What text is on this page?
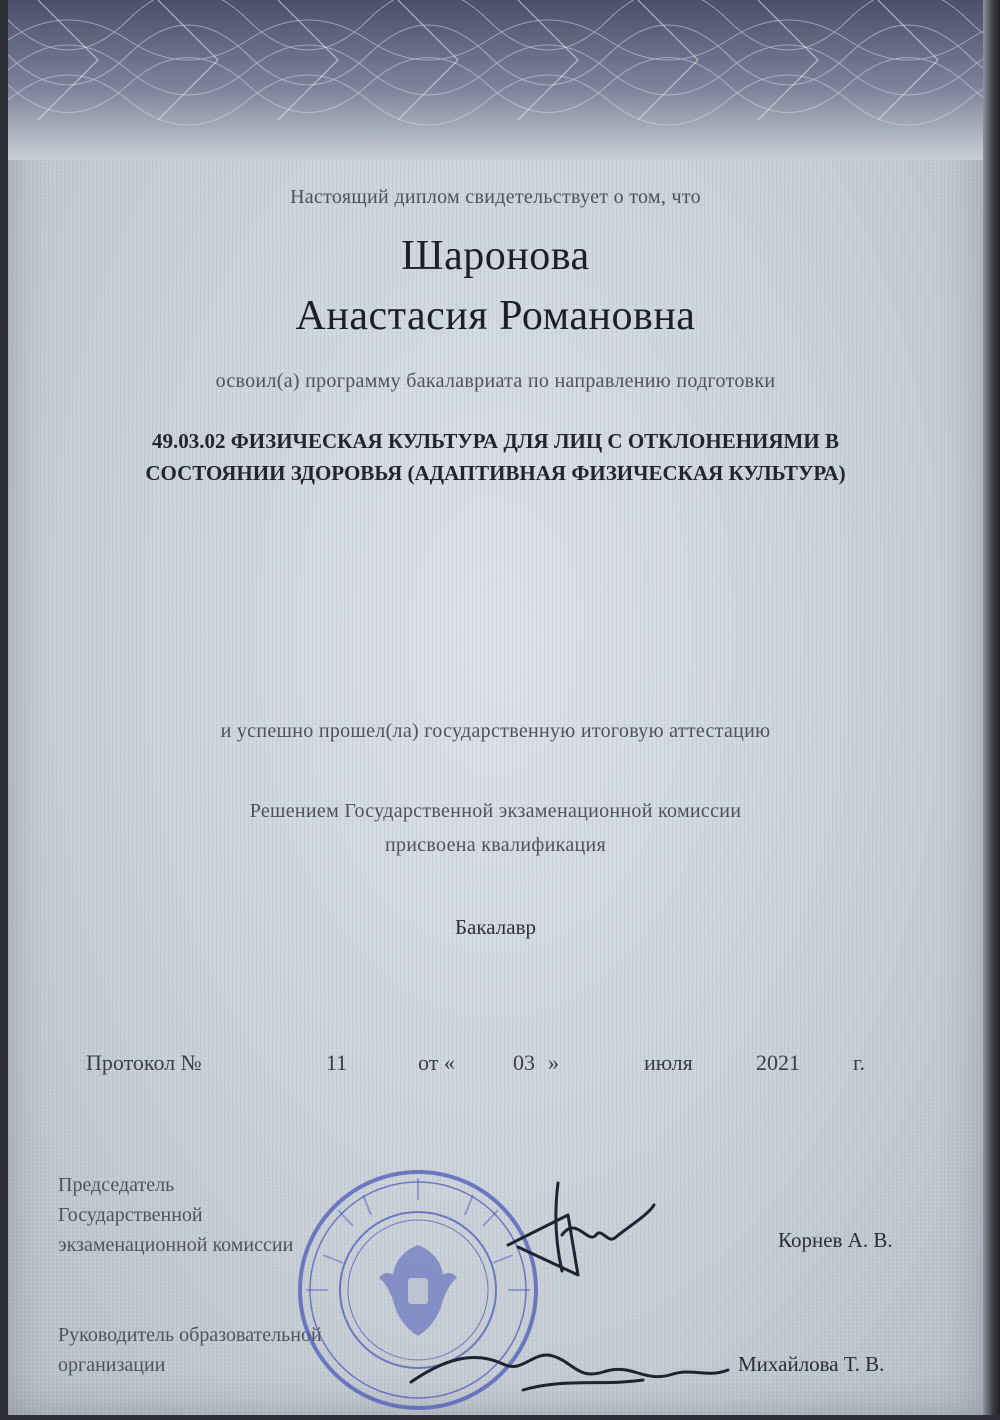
Настоящий диплом свидетельствует о том, что
Шаронова
Анастасия Романовна
освоил(а) программу бакалавриата по направлению подготовки
49.03.02 ФИЗИЧЕСКАЯ КУЛЬТУРА ДЛЯ ЛИЦ С ОТКЛОНЕНИЯМИ В
СОСТОЯНИИ ЗДОРОВЬЯ (АДАПТИВНАЯ ФИЗИЧЕСКАЯ КУЛЬТУРА)
и успешно прошел(ла) государственную итоговую аттестацию
Решением Государственной экзаменационной комиссии
присвоена квалификация
Бакалавр
Протокол №	11	от «	03 »	июля	2021 г.
Председатель
Государственной
экзаменационной комиссии	Корнев А. В.
Руководитель образовательной
организации	Михайлова Т. В.
